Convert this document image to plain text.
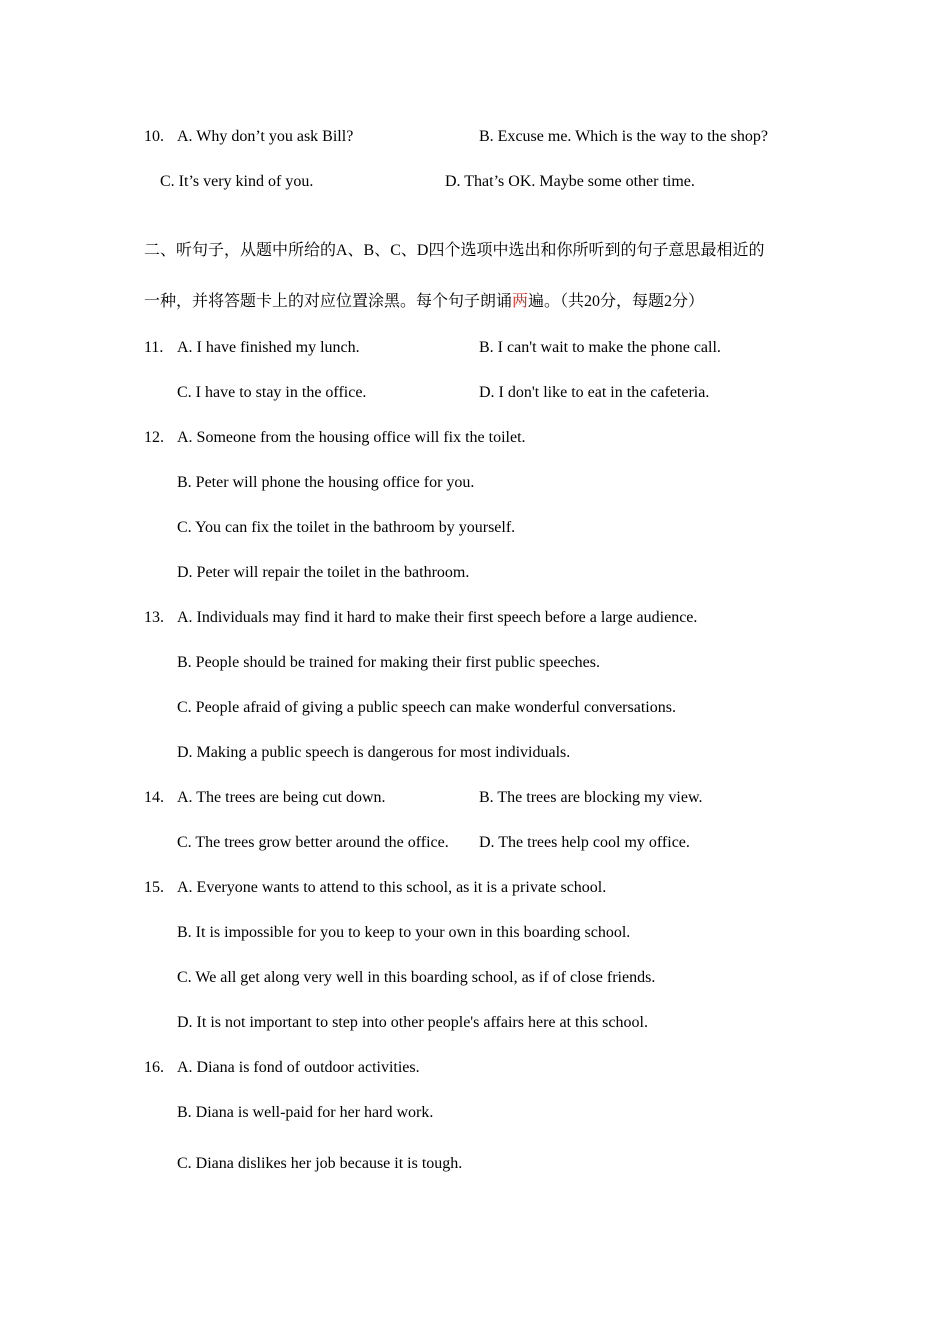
10. A. Why don’t you ask Bill?	B. Excuse me. Which is the way to the shop?
C. It’s very kind of you.	D. That’s OK. Maybe some other time.
二、听句子，从题中所给的A、B、C、D四个选项中选出和你所听到的句子意思最相近的
一种，并将答题卡上的对应位置涂黑。每个句子朗诵两遍。（共20分，每题2分）
11. A. I have finished my lunch.	B. I can't wait to make the phone call.
C. I have to stay in the office.	D. I don't like to eat in the cafeteria.
12. A. Someone from the housing office will fix the toilet.
B. Peter will phone the housing office for you.
C. You can fix the toilet in the bathroom by yourself.
D. Peter will repair the toilet in the bathroom.
13. A. Individuals may find it hard to make their first speech before a large audience.
B. People should be trained for making their first public speeches.
C. People afraid of giving a public speech can make wonderful conversations.
D. Making a public speech is dangerous for most individuals.
14. A. The trees are being cut down.	B. The trees are blocking my view.
C. The trees grow better around the office. D. The trees help cool my office.
15. A. Everyone wants to attend to this school, as it is a private school.
B. It is impossible for you to keep to your own in this boarding school.
C. We all get along very well in this boarding school, as if of close friends.
D. It is not important to step into other people's affairs here at this school.
16. A. Diana is fond of outdoor activities.
B. Diana is well-paid for her hard work.
C. Diana dislikes her job because it is tough.
